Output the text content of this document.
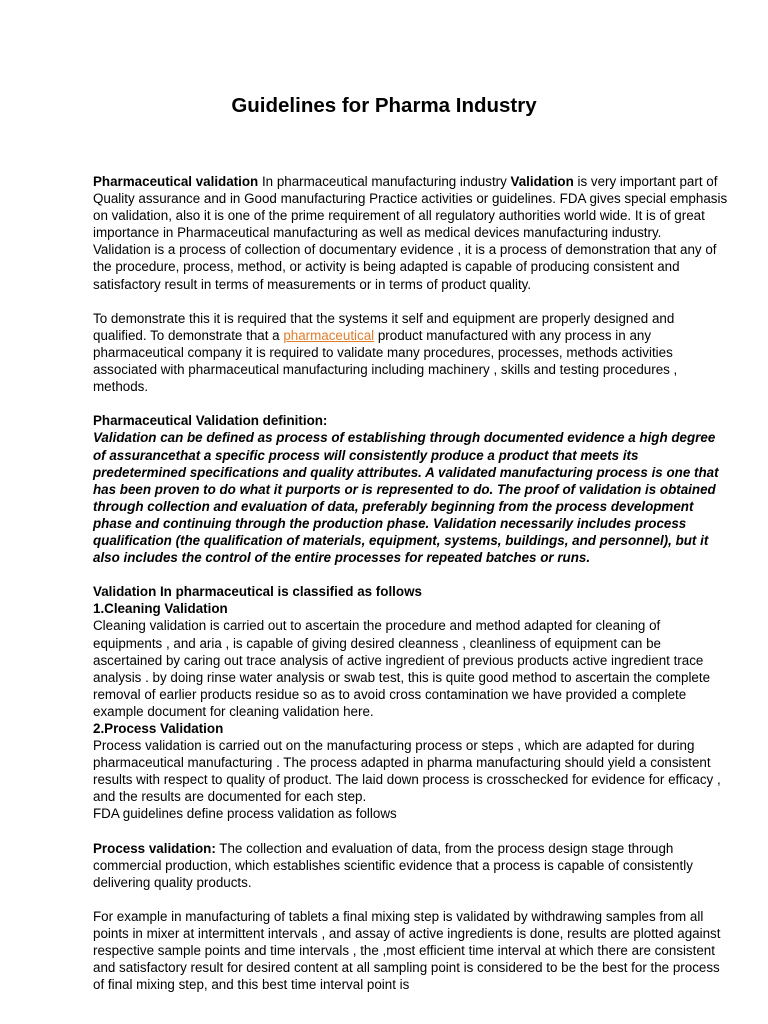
Guidelines for Pharma Industry

Pharmaceutical validation In pharmaceutical manufacturing industry Validation is very important part of Quality assurance and in Good manufacturing Practice activities or guidelines. FDA gives special emphasis on validation, also it is one of the prime requirement of all regulatory authorities world wide. It is of great importance in Pharmaceutical manufacturing as well as medical devices manufacturing industry.

Validation is a process of collection of documentary evidence , it is a process of demonstration that any of the procedure, process, method, or activity is being adapted is capable of producing consistent and satisfactory result in terms of measurements or in terms of product quality.

To demonstrate this it is required that the systems it self and equipment are properly designed and qualified. To demonstrate that a pharmaceutical product manufactured with any process in any pharmaceutical company it is required to validate many procedures, processes, methods activities associated with pharmaceutical manufacturing including machinery , skills and testing procedures , methods.

Pharmaceutical Validation definition:

Validation can be defined as process of establishing through documented evidence a high degree of assurancethat a specific process will consistently produce a product that meets its predetermined specifications and quality attributes. A validated manufacturing process is one that has been proven to do what it purports or is represented to do. The proof of validation is obtained through collection and evaluation of data, preferably beginning from the process development phase and continuing through the production phase. Validation necessarily includes process qualification (the qualification of materials, equipment, systems, buildings, and personnel), but it also includes the control of the entire processes for repeated batches or runs.

Validation In pharmaceutical is classified as follows

1.Cleaning Validation

Cleaning validation is carried out to ascertain the procedure and method adapted for cleaning of equipments , and aria , is capable of giving desired cleanness , cleanliness of equipment can be ascertained by caring out trace analysis of active ingredient of previous products active ingredient trace analysis . by doing rinse water analysis or swab test, this is quite good method to ascertain the complete removal of earlier products residue so as to avoid cross contamination we have provided a complete example document for cleaning validation here.

2.Process Validation

Process validation is carried out on the manufacturing process or steps , which are adapted for during pharmaceutical manufacturing . The process adapted in pharma manufacturing should yield a consistent results with respect to quality of product. The laid down process is crosschecked for evidence for efficacy , and the results are documented for each step.

FDA guidelines define process validation as follows

Process validation: The collection and evaluation of data, from the process design stage through commercial production, which establishes scientific evidence that a process is capable of consistently delivering quality products.

For example in manufacturing of tablets a final mixing step is validated by withdrawing samples from all points in mixer at intermittent intervals , and assay of active ingredients is done, results are plotted against respective sample points and time intervals , the ,most efficient time interval at which there are consistent and satisfactory result for desired content at all sampling point is considered to be the best for the process of final mixing step, and this best time interval point is
